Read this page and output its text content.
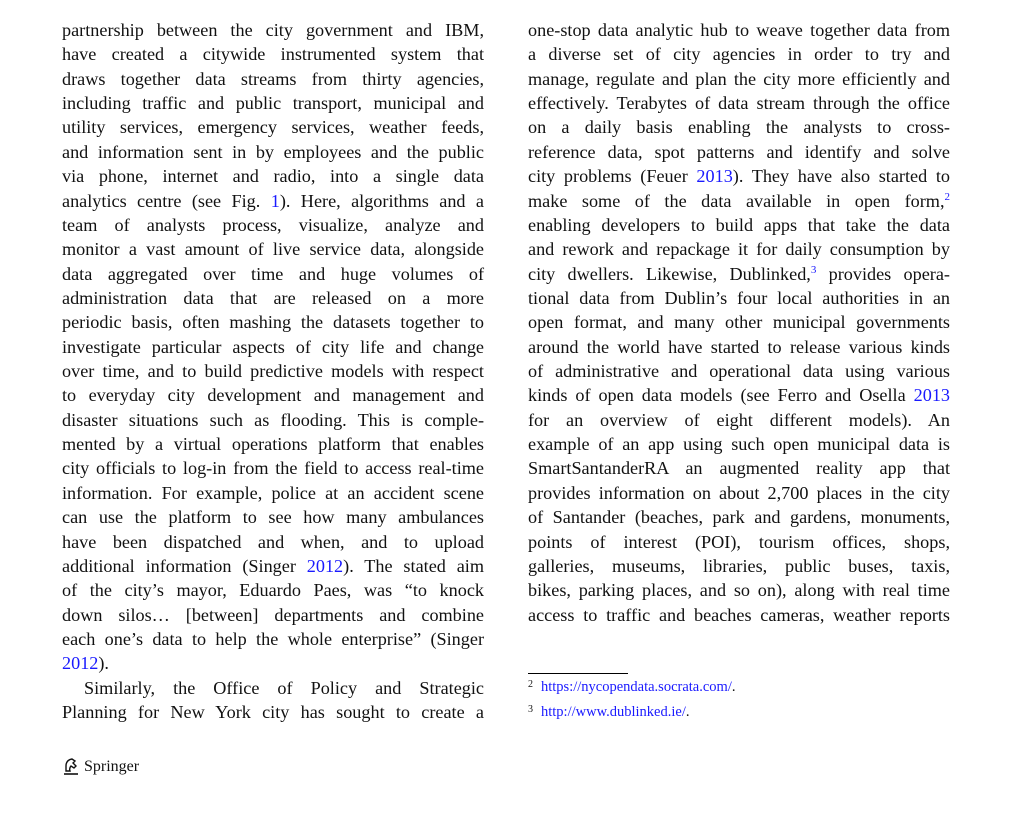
partnership between the city government and IBM,
have created a citywide instrumented system that
draws together data streams from thirty agencies,
including traffic and public transport, municipal and
utility services, emergency services, weather feeds,
and information sent in by employees and the public
via phone, internet and radio, into a single data
analytics centre (see Fig. 1). Here, algorithms and a
team of analysts process, visualize, analyze and
monitor a vast amount of live service data, alongside
data aggregated over time and huge volumes of
administration data that are released on a more
periodic basis, often mashing the datasets together to
investigate particular aspects of city life and change
over time, and to build predictive models with respect
to everyday city development and management and
disaster situations such as flooding. This is comple-
mented by a virtual operations platform that enables
city officials to log-in from the field to access real-time
information. For example, police at an accident scene
can use the platform to see how many ambulances
have been dispatched and when, and to upload
additional information (Singer 2012). The stated aim
of the city’s mayor, Eduardo Paes, was “to knock
down silos… [between] departments and combine
each one’s data to help the whole enterprise” (Singer
2012).
Similarly, the Office of Policy and Strategic
Planning for New York city has sought to create a
one-stop data analytic hub to weave together data from
a diverse set of city agencies in order to try and
manage, regulate and plan the city more efficiently and
effectively. Terabytes of data stream through the office
on a daily basis enabling the analysts to cross-
reference data, spot patterns and identify and solve
city problems (Feuer 2013). They have also started to
make some of the data available in open form,$^2$
enabling developers to build apps that take the data
and rework and repackage it for daily consumption by
city dwellers. Likewise, Dublinked,$^3$ provides opera-
tional data from Dublin’s four local authorities in an
open format, and many other municipal governments
around the world have started to release various kinds
of administrative and operational data using various
kinds of open data models (see Ferro and Osella 2013
for an overview of eight different models). An
example of an app using such open municipal data is
SmartSantanderRA an augmented reality app that
provides information on about 2,700 places in the city
of Santander (beaches, park and gardens, monuments,
points of interest (POI), tourism offices, shops,
galleries, museums, libraries, public buses, taxis,
bikes, parking places, and so on), along with real time
access to traffic and beaches cameras, weather reports
$^2$ https://nycopendata.socrata.com/.
$^3$ http://www.dublinked.ie/.
Springer
